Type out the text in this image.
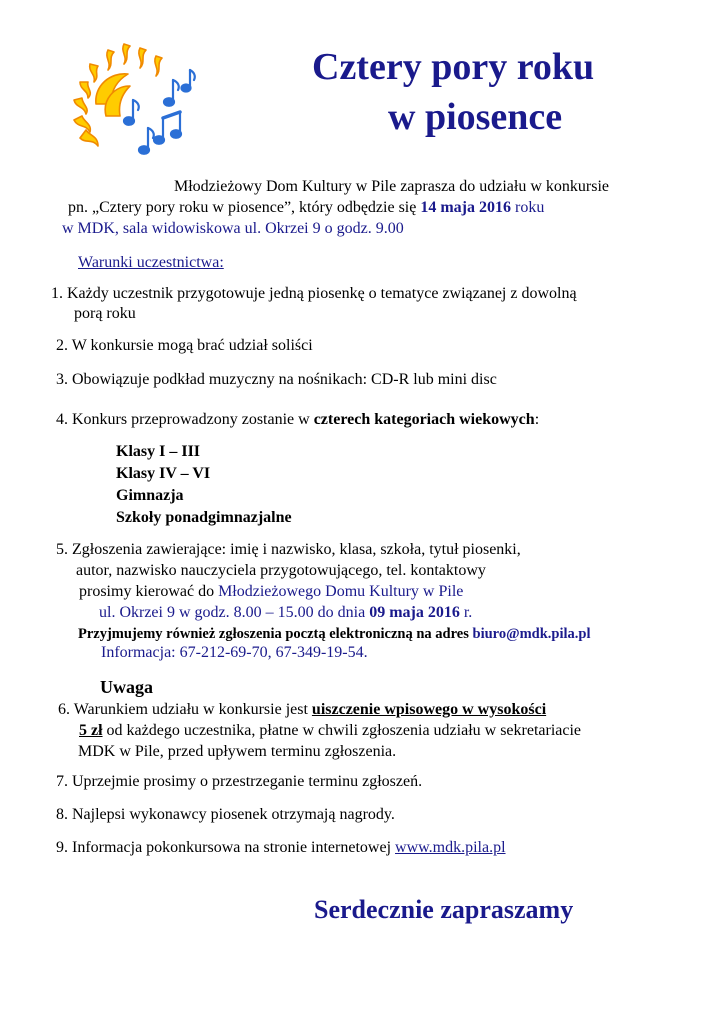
Cztery pory roku
w piosence
Młodzieżowy Dom Kultury w Pile zaprasza do udziału w konkursie
pn. „Cztery pory roku w piosence”, który odbędzie się 14 maja 2016 roku
w MDK, sala widowiskowa ul. Okrzei 9 o godz. 9.00
Warunki uczestnictwa:
1. Każdy uczestnik przygotowuje jedną piosenkę o tematyce związanej z dowolną
porą roku
2. W konkursie mogą brać udział soliści
3. Obowiązuje podkład muzyczny na nośnikach: CD-R lub mini disc
4. Konkurs przeprowadzony zostanie w czterech kategoriach wiekowych:
Klasy I – III
Klasy IV – VI
Gimnazja
Szkoły ponadgimnazjalne
5. Zgłoszenia zawierające: imię i nazwisko, klasa, szkoła, tytuł piosenki,
autor, nazwisko nauczyciela przygotowującego, tel. kontaktowy
prosimy kierować do Młodzieżowego Domu Kultury w Pile
ul. Okrzei 9 w godz. 8.00 – 15.00 do dnia 09 maja 2016 r.
Przyjmujemy również zgłoszenia pocztą elektroniczną na adres biuro@mdk.pila.pl
Informacja: 67-212-69-70, 67-349-19-54.
Uwaga
6. Warunkiem udziału w konkursie jest uiszczenie wpisowego w wysokości
5 zł od każdego uczestnika, płatne w chwili zgłoszenia udziału w sekretariacie
MDK w Pile, przed upływem terminu zgłoszenia.
7. Uprzejmie prosimy o przestrzeganie terminu zgłoszeń.
8. Najlepsi wykonawcy piosenek otrzymają nagrody.
9. Informacja pokonkursowa na stronie internetowej www.mdk.pila.pl
Serdecznie zapraszamy
